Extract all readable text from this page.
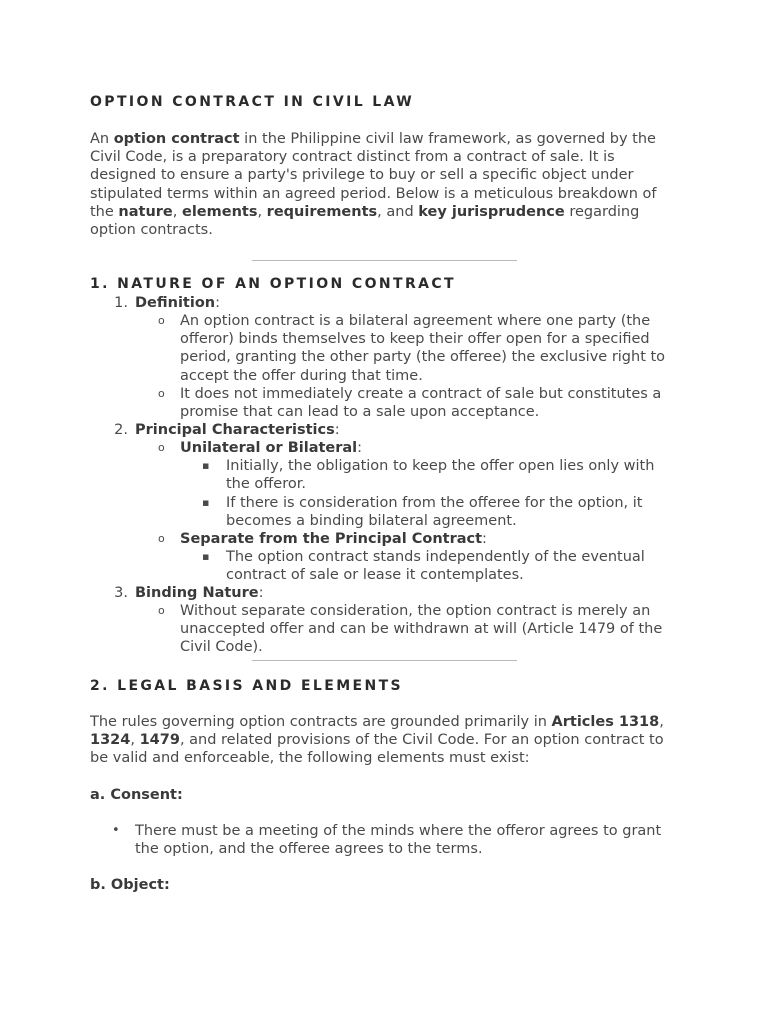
OPTION CONTRACT IN CIVIL LAW

An option contract in the Philippine civil law framework, as governed by the Civil Code, is a preparatory contract distinct from a contract of sale. It is designed to ensure a party's privilege to buy or sell a specific object under stipulated terms within an agreed period. Below is a meticulous breakdown of the nature, elements, requirements, and key jurisprudence regarding option contracts.

1. NATURE OF AN OPTION CONTRACT
1. Definition:
o An option contract is a bilateral agreement where one party (the offeror) binds themselves to keep their offer open for a specified period, granting the other party (the offeree) the exclusive right to accept the offer during that time.
o It does not immediately create a contract of sale but constitutes a promise that can lead to a sale upon acceptance.
2. Principal Characteristics:
o Unilateral or Bilateral:
▪ Initially, the obligation to keep the offer open lies only with the offeror.
▪ If there is consideration from the offeree for the option, it becomes a binding bilateral agreement.
o Separate from the Principal Contract:
▪ The option contract stands independently of the eventual contract of sale or lease it contemplates.
3. Binding Nature:
o Without separate consideration, the option contract is merely an unaccepted offer and can be withdrawn at will (Article 1479 of the Civil Code).
2. LEGAL BASIS AND ELEMENTS

The rules governing option contracts are grounded primarily in Articles 1318, 1324, 1479, and related provisions of the Civil Code. For an option contract to be valid and enforceable, the following elements must exist:

a. Consent:

• There must be a meeting of the minds where the offeror agrees to grant the option, and the offeree agrees to the terms.

b. Object:
